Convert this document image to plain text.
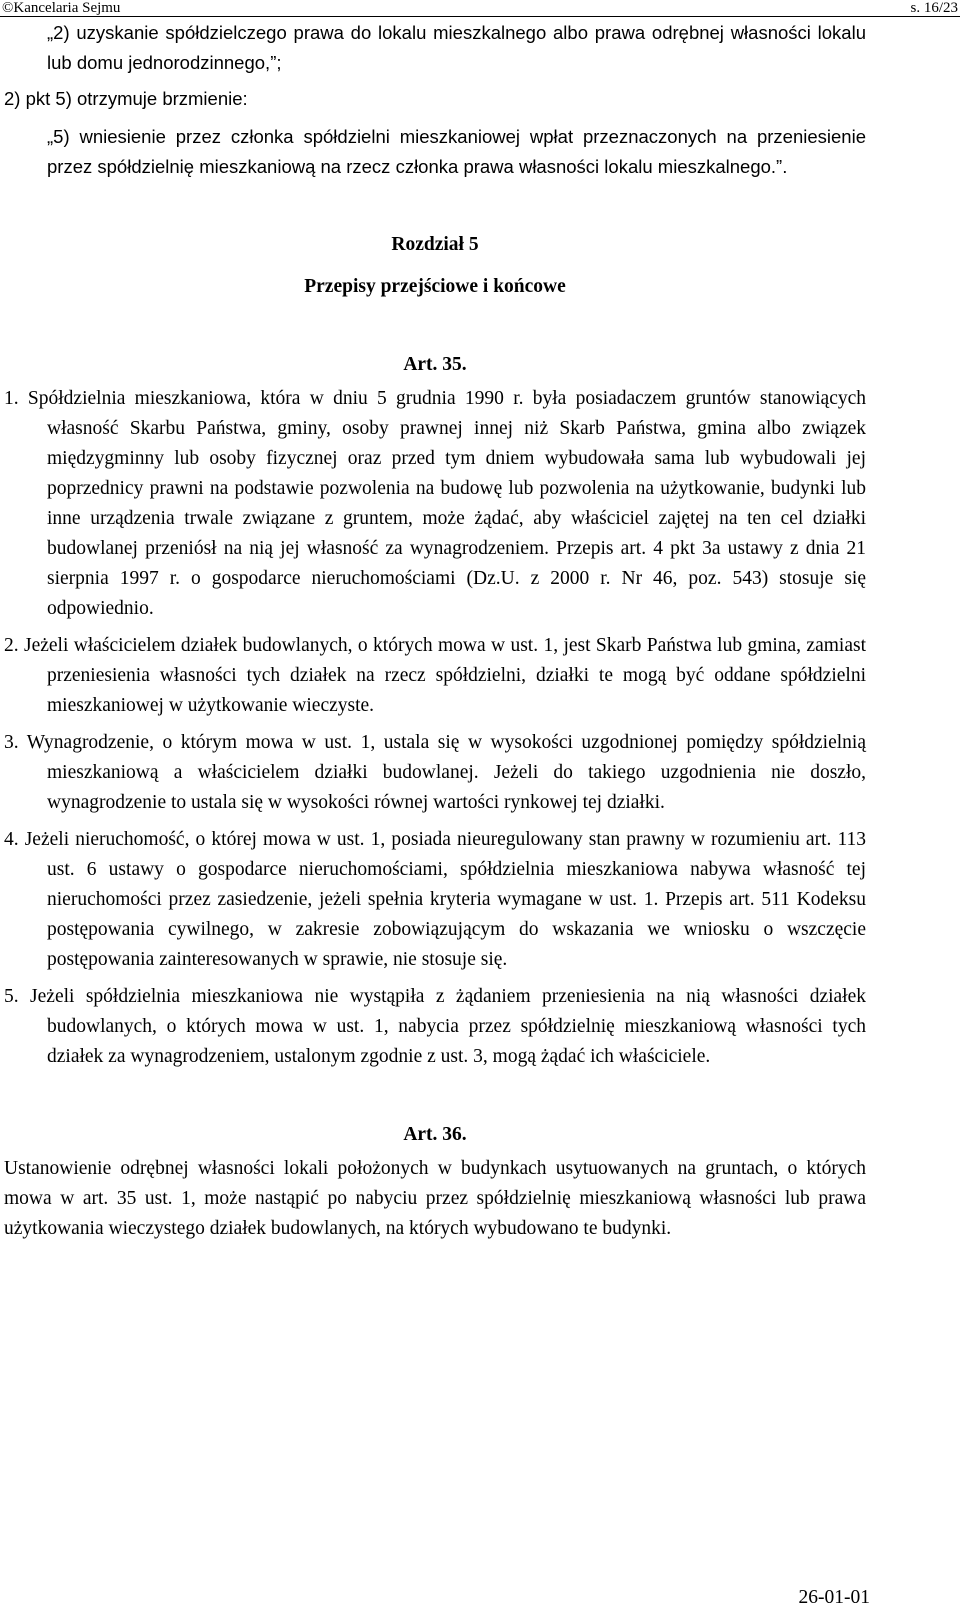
©Kancelaria Sejmu	s. 16/23

„2) uzyskanie spółdzielczego prawa do lokalu mieszkalnego albo prawa odrębnej własności lokalu lub domu jednorodzinnego,”;

2) pkt 5) otrzymuje brzmienie:

„5) wniesienie przez członka spółdzielni mieszkaniowej wpłat przeznaczonych na przeniesienie przez spółdzielnię mieszkaniową na rzecz członka prawa własności lokalu mieszkalnego.”.

Rozdział 5

Przepisy przejściowe i końcowe

Art. 35.

1. Spółdzielnia mieszkaniowa, która w dniu 5 grudnia 1990 r. była posiadaczem gruntów stanowiących własność Skarbu Państwa, gminy, osoby prawnej innej niż Skarb Państwa, gmina albo związek międzygminny lub osoby fizycznej oraz przed tym dniem wybudowała sama lub wybudowali jej poprzednicy prawni na podstawie pozwolenia na budowę lub pozwolenia na użytkowanie, budynki lub inne urządzenia trwale związane z gruntem, może żądać, aby właściciel zajętej na ten cel działki budowlanej przeniósł na nią jej własność za wynagrodzeniem. Przepis art. 4 pkt 3a ustawy z dnia 21 sierpnia 1997 r. o gospodarce nieruchomościami (Dz.U. z 2000 r. Nr 46, poz. 543) stosuje się odpowiednio.

2. Jeżeli właścicielem działek budowlanych, o których mowa w ust. 1, jest Skarb Państwa lub gmina, zamiast przeniesienia własności tych działek na rzecz spółdzielni, działki te mogą być oddane spółdzielni mieszkaniowej w użytkowanie wieczyste.

3. Wynagrodzenie, o którym mowa w ust. 1, ustala się w wysokości uzgodnionej pomiędzy spółdzielnią mieszkaniową a właścicielem działki budowlanej. Jeżeli do takiego uzgodnienia nie doszło, wynagrodzenie to ustala się w wysokości równej wartości rynkowej tej działki.

4. Jeżeli nieruchomość, o której mowa w ust. 1, posiada nieuregulowany stan prawny w rozumieniu art. 113 ust. 6 ustawy o gospodarce nieruchomościami, spółdzielnia mieszkaniowa nabywa własność tej nieruchomości przez zasiedzenie, jeżeli spełnia kryteria wymagane w ust. 1. Przepis art. 511 Kodeksu postępowania cywilnego, w zakresie zobowiązującym do wskazania we wniosku o wszczęcie postępowania zainteresowanych w sprawie, nie stosuje się.

5. Jeżeli spółdzielnia mieszkaniowa nie wystąpiła z żądaniem przeniesienia na nią własności działek budowlanych, o których mowa w ust. 1, nabycia przez spółdzielnię mieszkaniową własności tych działek za wynagrodzeniem, ustalonym zgodnie z ust. 3, mogą żądać ich właściciele.

Art. 36.

Ustanowienie odrębnej własności lokali położonych w budynkach usytuowanych na gruntach, o których mowa w art. 35 ust. 1, może nastąpić po nabyciu przez spółdzielnię mieszkaniową własności lub prawa użytkowania wieczystego działek budowlanych, na których wybudowano te budynki.

26-01-01
